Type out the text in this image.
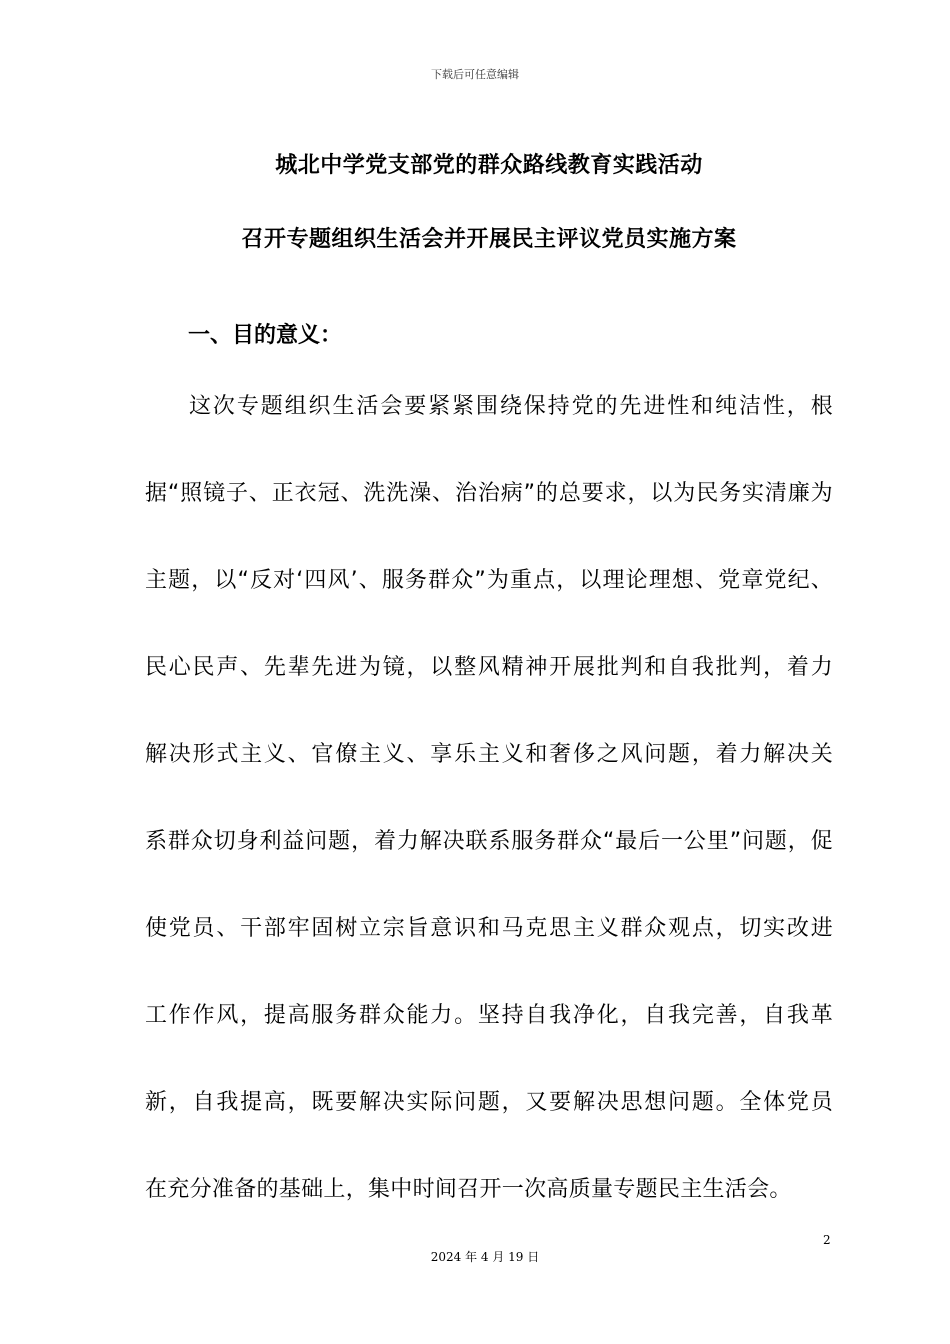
下载后可任意编辑
城北中学党支部党的群众路线教育实践活动
召开专题组织生活会并开展民主评议党员实施方案
一、目的意义：
这次专题组织生活会要紧紧围绕保持党的先进性和纯洁性，根
据“照镜子、正衣冠、洗洗澡、治治病”的总要求，以为民务实清廉为
主题，以“反对‘四风’、服务群众”为重点，以理论理想、党章党纪、
民心民声、先辈先进为镜，以整风精神开展批判和自我批判，着力
解决形式主义、官僚主义、享乐主义和奢侈之风问题，着力解决关
系群众切身利益问题，着力解决联系服务群众“最后一公里”问题，促
使党员、干部牢固树立宗旨意识和马克思主义群众观点，切实改进
工作作风，提高服务群众能力。坚持自我净化，自我完善，自我革
新，自我提高，既要解决实际问题，又要解决思想问题。全体党员
在充分准备的基础上，集中时间召开一次高质量专题民主生活会。
2
2024 年 4 月 19 日
